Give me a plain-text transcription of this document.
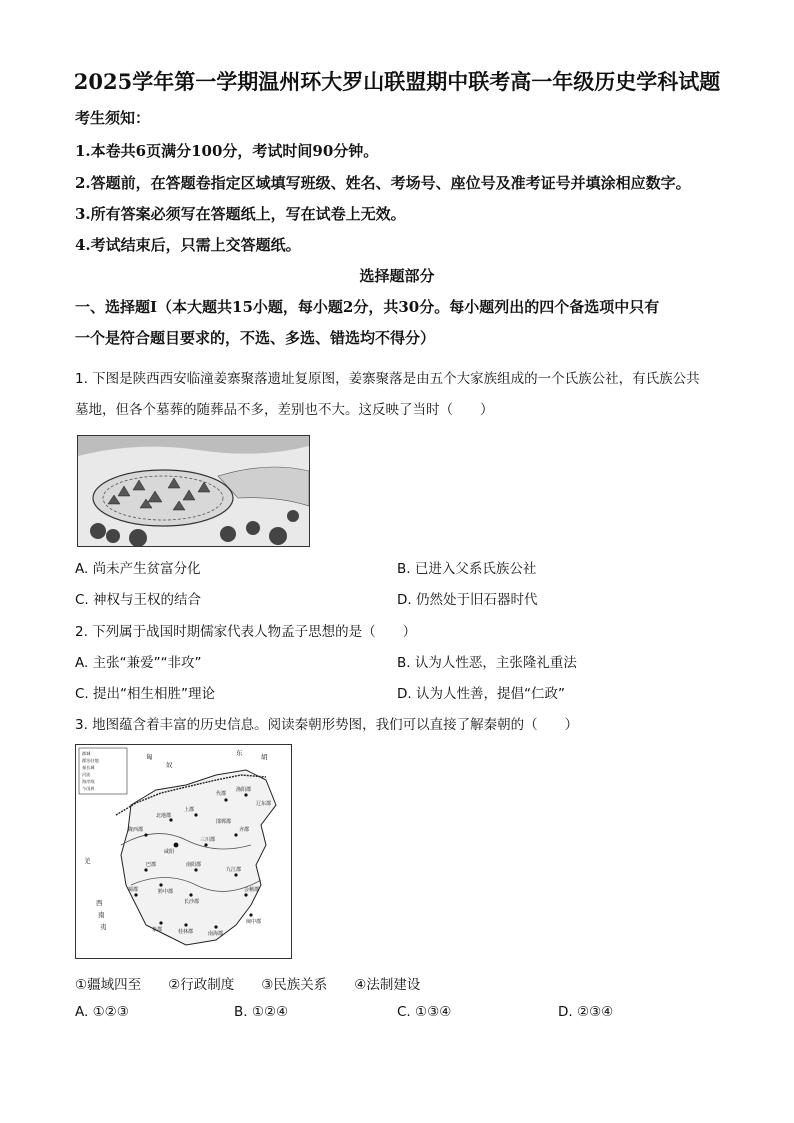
2025学年第一学期温州环大罗山联盟期中联考高一年级历史学科试题
考生须知：
1.本卷共6页满分100分，考试时间90分钟。
2.答题前，在答题卷指定区域填写班级、姓名、考场号、座位号及准考证号并填涂相应数字。
3.所有答案必须写在答题纸上，写在试卷上无效。
4.考试结束后，只需上交答题纸。
选择题部分
一、选择题Ⅰ（本大题共15小题，每小题2分，共30分。每小题列出的四个备选项中只有
一个是符合题目要求的，不选、多选、错选均不得分）
1. 下图是陕西西安临潼姜寨聚落遗址复原图，姜寨聚落是由五个大家族组成的一个氏族公社，有氏族公共
墓地，但各个墓葬的随葬品不多，差别也不大。这反映了当时（　　）
A. 尚未产生贫富分化	B. 已进入父系氏族公社
C. 神权与王权的结合	D. 仍然处于旧石器时代
2. 下列属于战国时期儒家代表人物孟子思想的是（　　）
A. 主张“兼爱”“非攻”	B. 认为人性恶，主张隆礼重法
C. 提出“相生相胜”理论	D. 认为人性善，提倡“仁政”
3. 地图蕴含着丰富的历史信息。阅读秦朝形势图，我们可以直接了解秦朝的（　　）
郡城
郡治驻地
秦长城
河流
海岸线
今国界
匈
奴
东	胡
陇西郡
北地郡
上郡
代郡
渔阳郡
辽东郡
咸阳
三川郡
邯郸郡
齐郡
南阳郡
九江郡
会稽郡
长沙郡
黔中郡
巴郡
蜀郡
桂林郡	南海郡
象郡
闽中郡
羌
西
南
夷
①疆域四至　　②行政制度　　③民族关系　　④法制建设
A. ①②③	B. ①②④	C. ①③④	D. ②③④
